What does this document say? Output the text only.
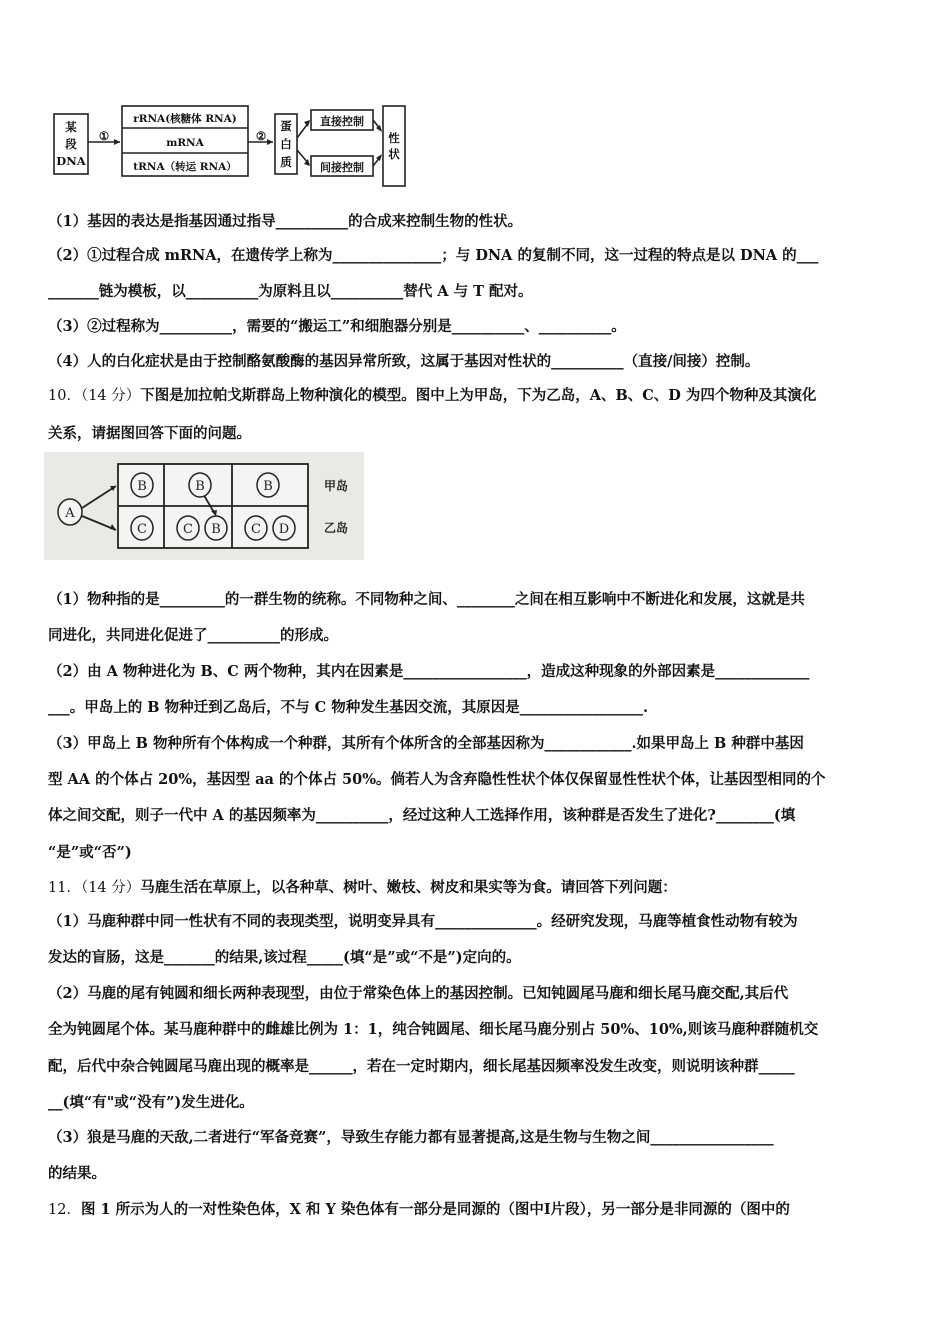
某
段
DNA
①
rRNA(核糖体 RNA)
mRNA
tRNA（转运 RNA）
②
蛋
白
质
直接控制
间接控制
性
状
（1）基因的表达是指基因通过指导__________的合成来控制生物的性状。
（2）①过程合成 mRNA，在遗传学上称为_______________；与 DNA 的复制不同，这一过程的特点是以 DNA 的___
_______链为模板，以__________为原料且以__________替代 A 与 T 配对。
（3）②过程称为__________，需要的“搬运工”和细胞器分别是__________、__________。
（4）人的白化症状是由于控制酪氨酸酶的基因异常所致，这属于基因对性状的__________（直接/间接）控制。
10．（14 分）下图是加拉帕戈斯群岛上物种演化的模型。图中上为甲岛，下为乙岛，A、B、C、D 为四个物种及其演化
关系，请据图回答下面的问题。
A
B	B	B
C	C B C D
甲岛
乙岛
（1）物种指的是_________的一群生物的统称。不同物种之间、________之间在相互影响中不断进化和发展，这就是共
同进化，共同进化促进了__________的形成。
（2）由 A 物种进化为 B、C 两个物种，其内在因素是_________________，造成这种现象的外部因素是_____________
___。甲岛上的 B 物种迁到乙岛后，不与 C 物种发生基因交流，其原因是_________________.
（3）甲岛上 B 物种所有个体构成一个种群，其所有个体所含的全部基因称为____________.如果甲岛上 B 种群中基因
型 AA 的个体占 20%，基因型 aa 的个体占 50%。倘若人为含弃隐性性状个体仅保留显性性状个体，让基因型相同的个
体之间交配，则子一代中 A 的基因频率为__________，经过这种人工选择作用，该种群是否发生了进化?________(填
“是”或“否”)
11．（14 分）马鹿生活在草原上，以各种草、树叶、嫩枝、树皮和果实等为食。请回答下列问题：
（1）马鹿种群中同一性状有不同的表现类型，说明变异具有______________。经研究发现，马鹿等植食性动物有较为
发达的盲肠，这是_______的结果,该过程_____(填“是”或“不是”)定向的。
（2）马鹿的尾有钝圆和细长两种表现型，由位于常染色体上的基因控制。已知钝圆尾马鹿和细长尾马鹿交配,其后代
全为钝圆尾个体。某马鹿种群中的雌雄比例为 1：1，纯合钝圆尾、细长尾马鹿分别占 50%、10%,则该马鹿种群随机交
配，后代中杂合钝圆尾马鹿出现的概率是______，若在一定时期内，细长尾基因频率没发生改变，则说明该种群_____
__(填“有"或“没有”)发生进化。
（3）狼是马鹿的天敌,二者进行“军备竞赛”，导致生存能力都有显著提高,这是生物与生物之间_________________
的结果。
12．图 1 所示为人的一对性染色体，X 和 Y 染色体有一部分是同源的（图中Ⅰ片段），另一部分是非同源的（图中的
